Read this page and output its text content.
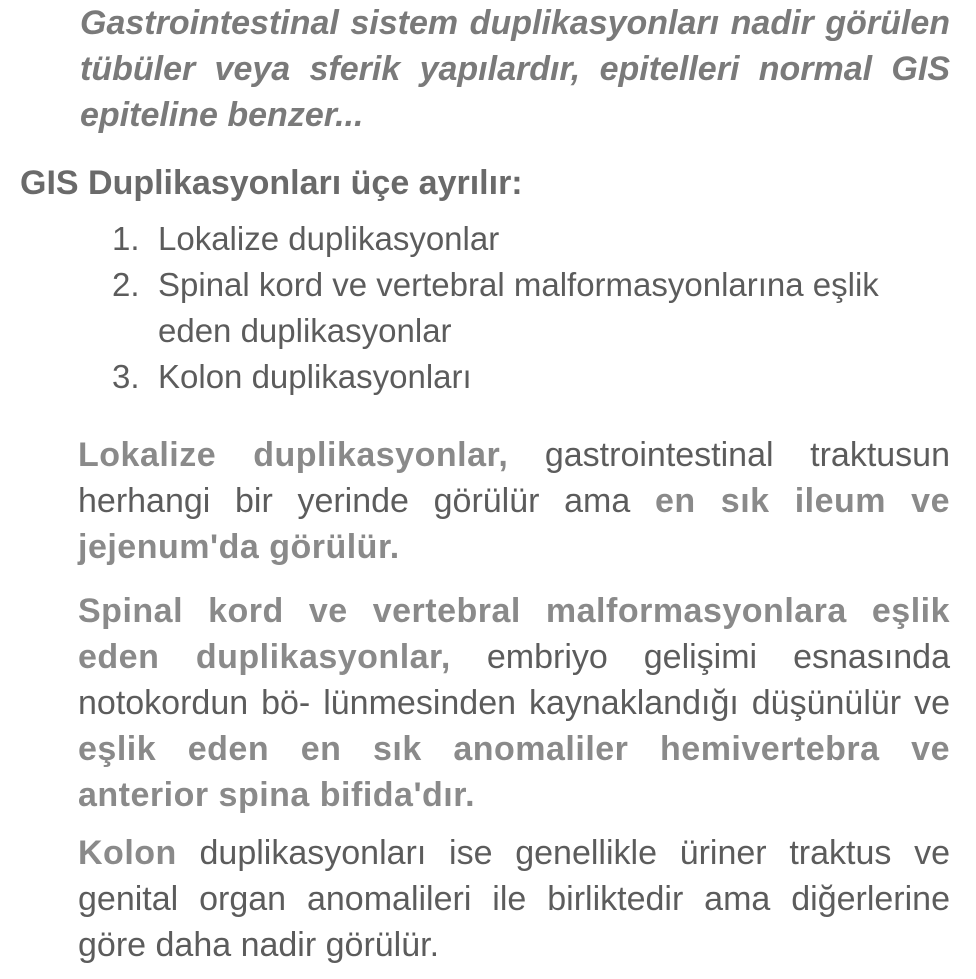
Gastrointestinal sistem duplikasyonları nadir görülen tübüler veya sferik yapılardır, epitelleri normal GIS epiteline benzer...
GIS Duplikasyonları üçe ayrılır:
1. Lokalize duplikasyonlar
2. Spinal kord ve vertebral malformasyonlarına eşlik eden duplikasyonlar
3. Kolon duplikasyonları
Lokalize duplikasyonlar, gastrointestinal traktusun herhangi bir yerinde görülür ama en sık ileum ve jejenum'da görülür.
Spinal kord ve vertebral malformasyonlara eşlik eden duplikasyonlar, embriyo gelişimi esnasında notokordun bö- lünmesinden kaynaklandığı düşünülür ve eşlik eden en sık anomaliler hemivertebra ve anterior spina bifida'dır.
Kolon duplikasyonları ise genellikle üriner traktus ve genital organ anomalileri ile birliktedir ama diğerlerine göre daha nadir görülür.
